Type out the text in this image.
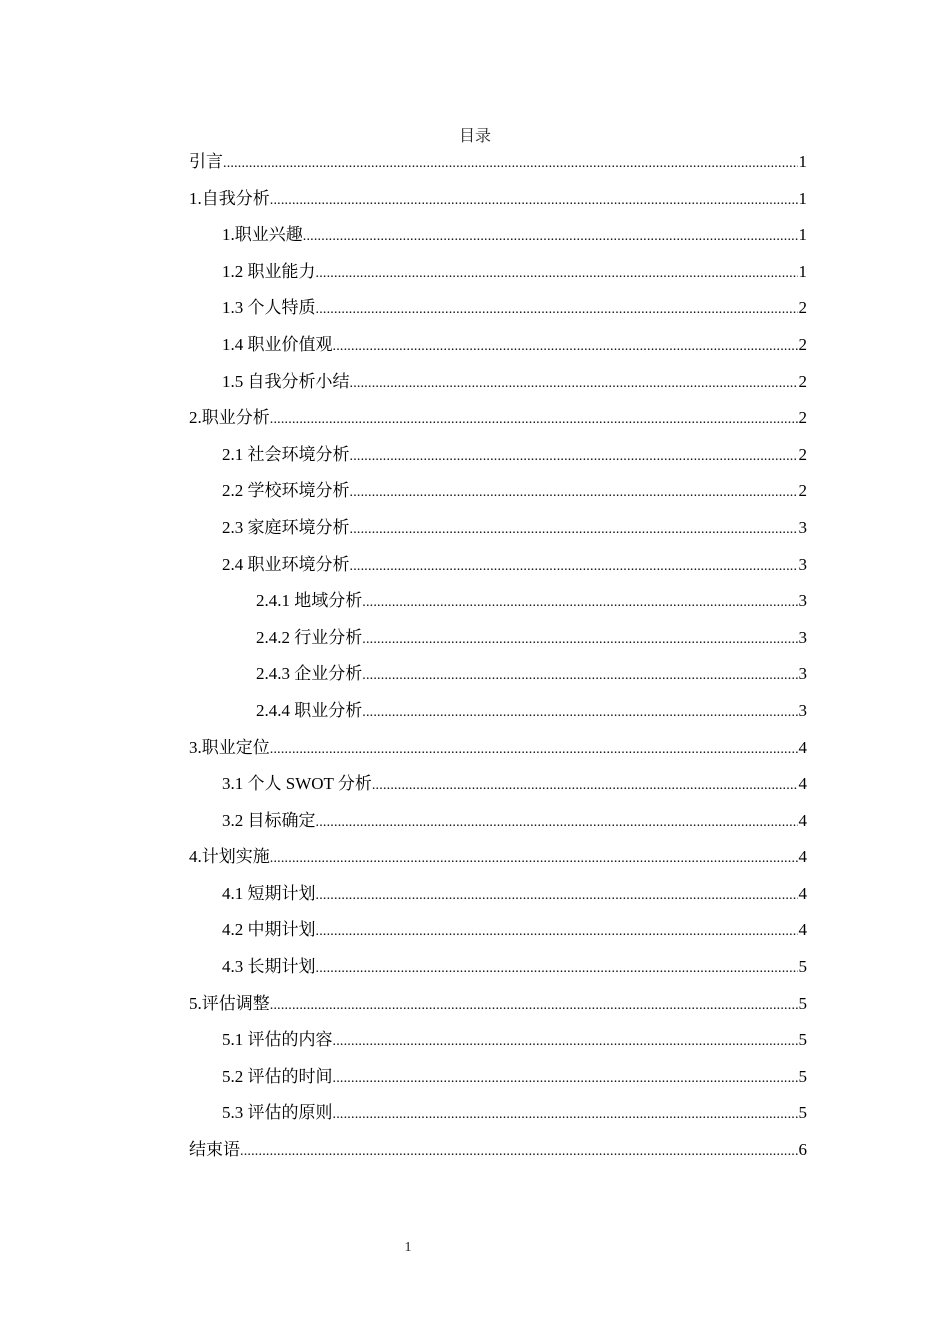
目录
引言 .....	1
1.自我分析 .....	1
1.职业兴趣 .....	1
1.2 职业能力 .....	1
1.3 个人特质 .....	2
1.4 职业价值观 .....	2
1.5 自我分析小结 .....	2
2.职业分析 .....	2
2.1 社会环境分析 .....	2
2.2 学校环境分析 .....	2
2.3 家庭环境分析 .....	3
2.4 职业环境分析 .....	3
2.4.1 地域分析 .....	3
2.4.2 行业分析 .....	3
2.4.3 企业分析 .....	3
2.4.4 职业分析 .....	3
3.职业定位 .....	4
3.1 个人 SWOT 分析 .....	4
3.2 目标确定 .....	4
4.计划实施 .....	4
4.1 短期计划 .....	4
4.2 中期计划 .....	4
4.3 长期计划 .....	5
5.评估调整 .....	5
5.1 评估的内容 .....	5
5.2 评估的时间 .....	5
5.3 评估的原则 .....	5
结束语 .....	6
1
